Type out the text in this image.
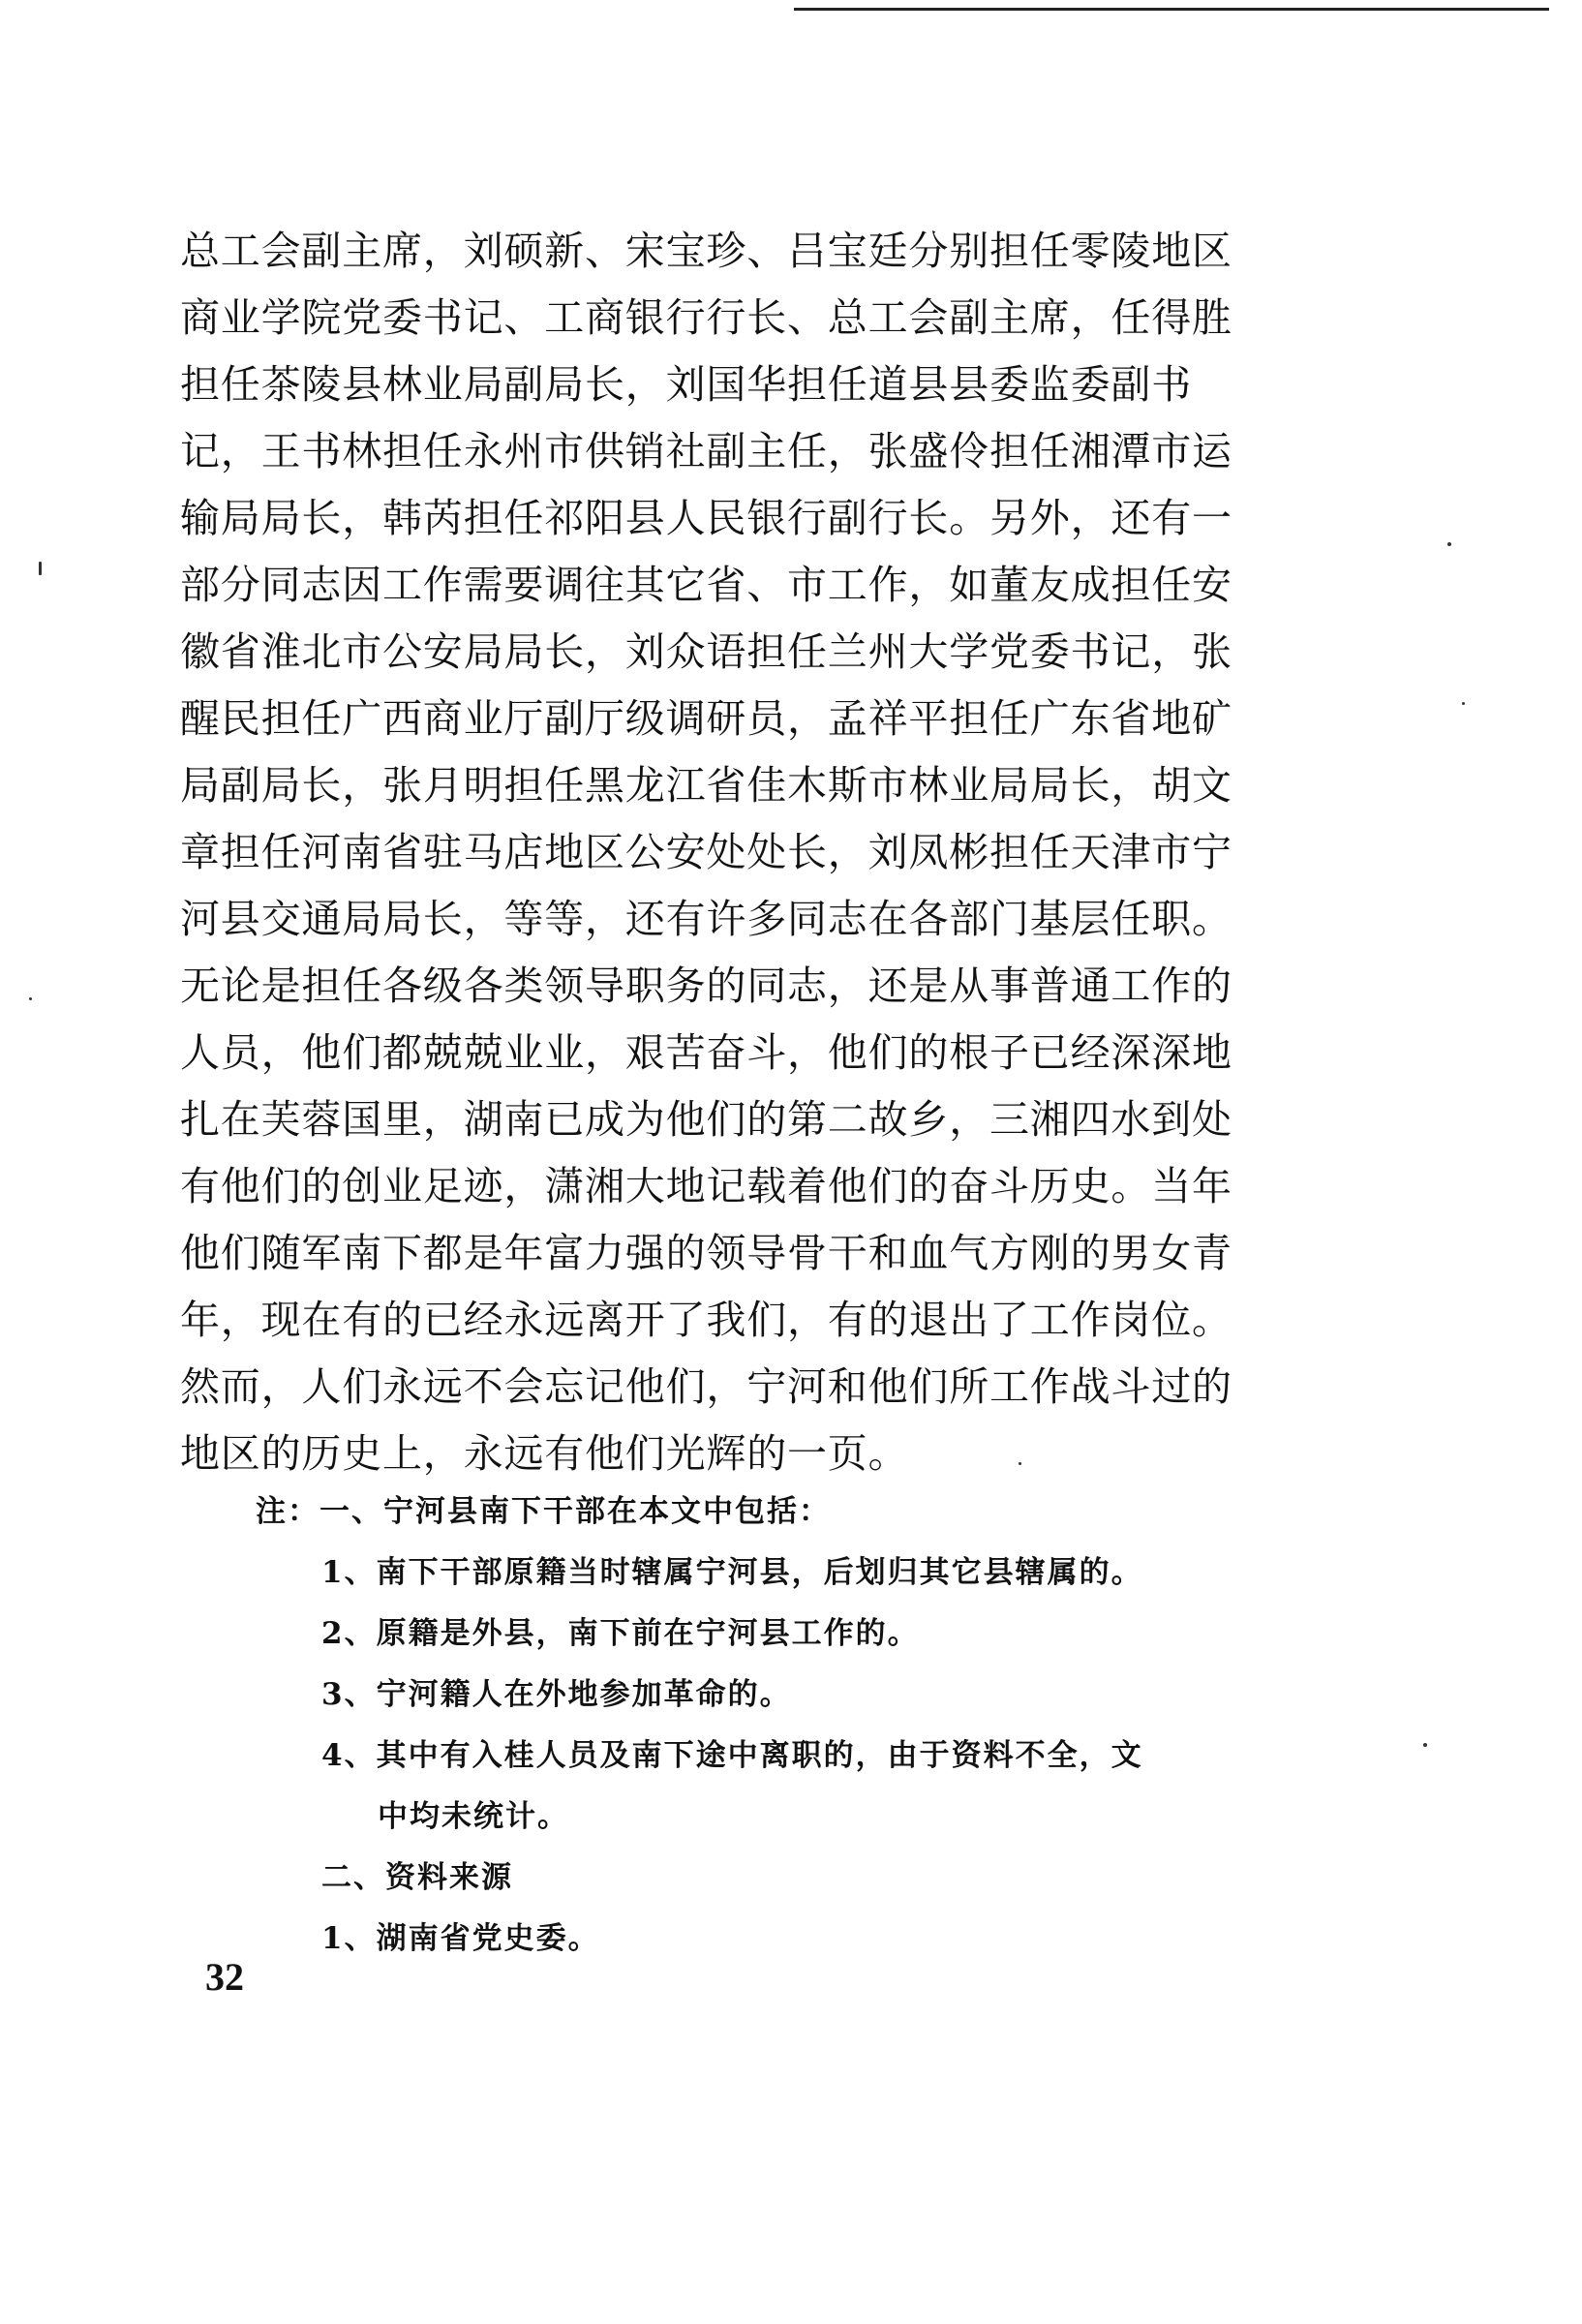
总工会副主席，刘硕新、宋宝珍、吕宝廷分别担任零陵地区
商业学院党委书记、工商银行行长、总工会副主席，任得胜
担任茶陵县林业局副局长，刘国华担任道县县委监委副书
记，王书林担任永州市供销社副主任，张盛伶担任湘潭市运
输局局长，韩芮担任祁阳县人民银行副行长。另外，还有一
部分同志因工作需要调往其它省、市工作，如董友成担任安
徽省淮北市公安局局长，刘众语担任兰州大学党委书记，张
醒民担任广西商业厅副厅级调研员，孟祥平担任广东省地矿
局副局长，张月明担任黑龙江省佳木斯市林业局局长，胡文
章担任河南省驻马店地区公安处处长，刘凤彬担任天津市宁
河县交通局局长，等等，还有许多同志在各部门基层任职。
无论是担任各级各类领导职务的同志，还是从事普通工作的
人员，他们都兢兢业业，艰苦奋斗，他们的根子已经深深地
扎在芙蓉国里，湖南已成为他们的第二故乡，三湘四水到处
有他们的创业足迹，潇湘大地记载着他们的奋斗历史。当年
他们随军南下都是年富力强的领导骨干和血气方刚的男女青
年，现在有的已经永远离开了我们，有的退出了工作岗位。
然而，人们永远不会忘记他们，宁河和他们所工作战斗过的
地区的历史上，永远有他们光辉的一页。
注：一、宁河县南下干部在本文中包括：
1、南下干部原籍当时辖属宁河县，后划归其它县辖属的。
2、原籍是外县，南下前在宁河县工作的。
3、宁河籍人在外地参加革命的。
4、其中有入桂人员及南下途中离职的，由于资料不全，文
中均未统计。
二、资料来源
1、湖南省党史委。
32
